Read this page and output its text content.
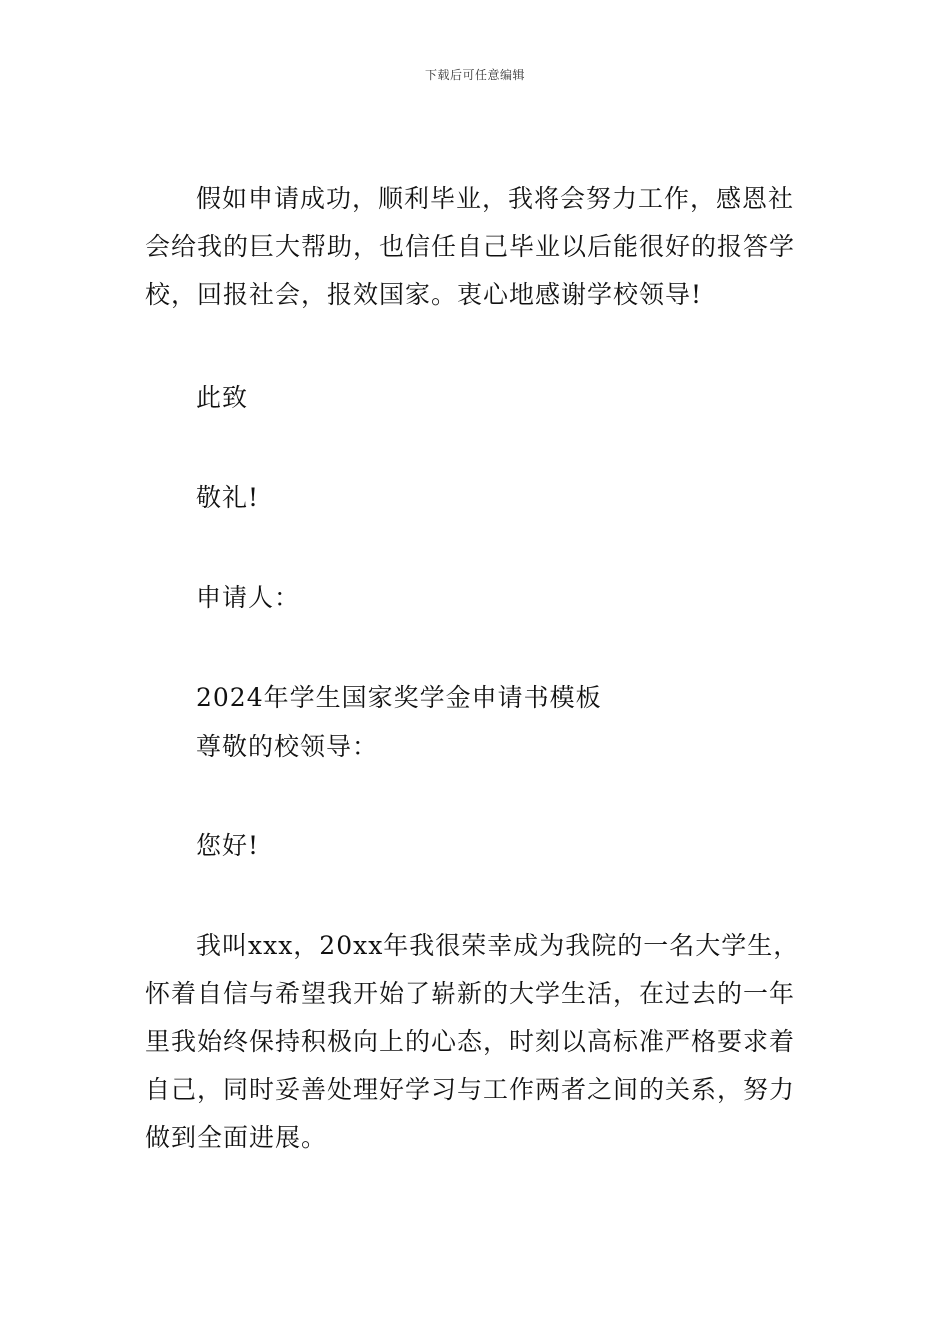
下载后可任意编辑
假如申请成功，顺利毕业，我将会努力工作，感恩社会给我的巨大帮助，也信任自己毕业以后能很好的报答学校，回报社会，报效国家。衷心地感谢学校领导!
此致
敬礼!
申请人：
2024年学生国家奖学金申请书模板
尊敬的校领导：
您好!
我叫xxx，20xx年我很荣幸成为我院的一名大学生，怀着自信与希望我开始了崭新的大学生活，在过去的一年里我始终保持积极向上的心态，时刻以高标准严格要求着自己，同时妥善处理好学习与工作两者之间的关系，努力做到全面进展。
